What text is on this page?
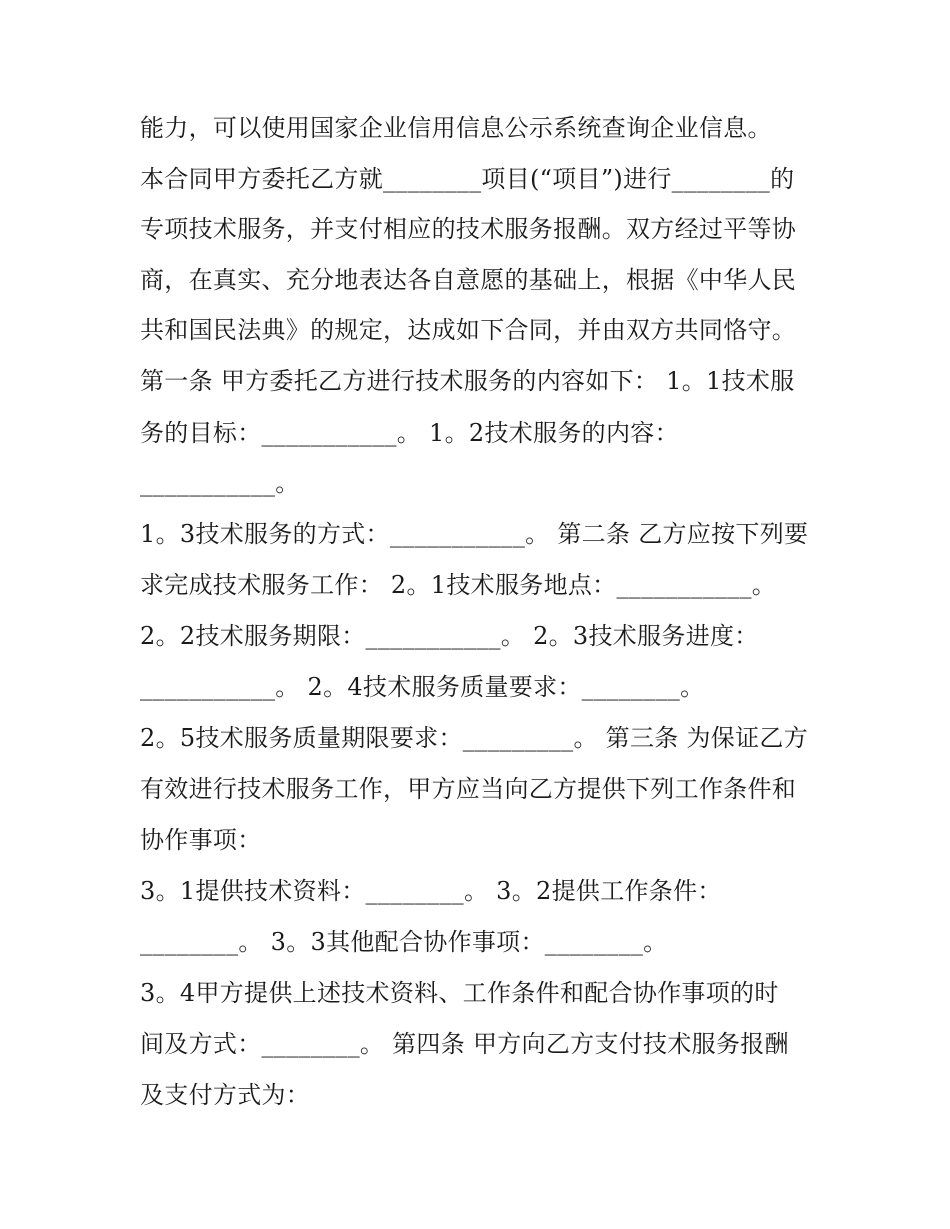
能力，可以使用国家企业信用信息公示系统查询企业信息。
本合同甲方委托乙方就________项目(“项目”)进行________的
专项技术服务，并支付相应的技术服务报酬。双方经过平等协
商，在真实、充分地表达各自意愿的基础上，根据《中华人民
共和国民法典》的规定，达成如下合同，并由双方共同恪守。
第一条 甲方委托乙方进行技术服务的内容如下： 1。1技术服
务的目标：___________。 1。2技术服务的内容：
___________。
1。3技术服务的方式：___________。 第二条 乙方应按下列要
求完成技术服务工作： 2。1技术服务地点：___________。
2。2技术服务期限：___________。 2。3技术服务进度：
___________。 2。4技术服务质量要求：________。
2。5技术服务质量期限要求：_________。 第三条 为保证乙方
有效进行技术服务工作，甲方应当向乙方提供下列工作条件和
协作事项：
3。1提供技术资料：________。 3。2提供工作条件：
________。 3。3其他配合协作事项：________。
3。4甲方提供上述技术资料、工作条件和配合协作事项的时
间及方式：________。 第四条 甲方向乙方支付技术服务报酬
及支付方式为：
